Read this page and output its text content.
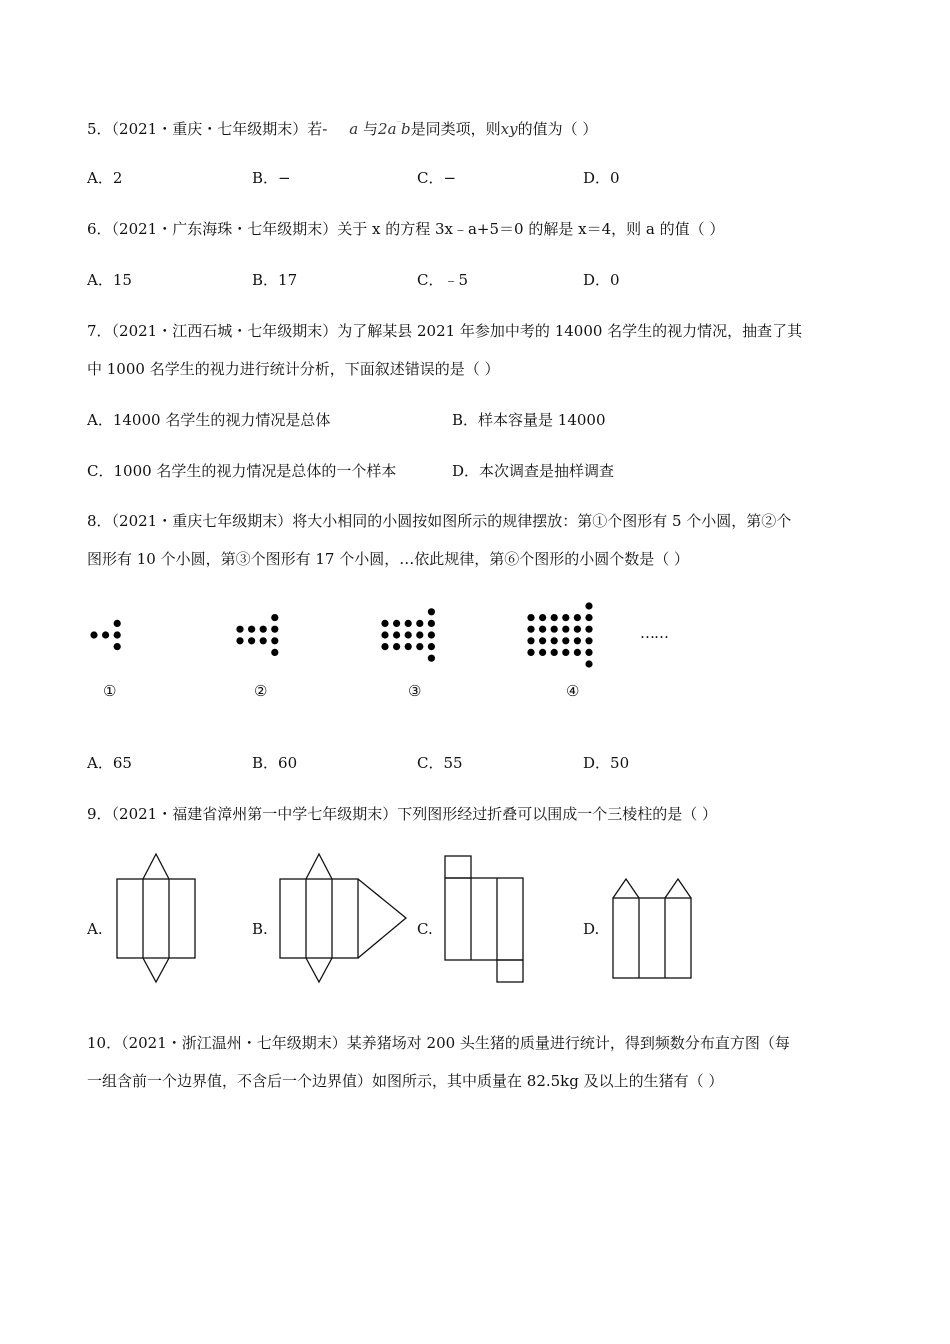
5．（2021・重庆・七年级期末）若- a 与2a‾b是同类项，则xy的值为（ ）
A．2	B．−	C．−	D．0
6．（2021・广东海珠・七年级期末）关于 x 的方程 3x﹣a+5＝0 的解是 x＝4，则 a 的值（ ）
A．15	B．17	C．﹣5	D．0
7．（2021・江西石城・七年级期末）为了解某县 2021 年参加中考的 14000 名学生的视力情况，抽查了其
中 1000 名学生的视力进行统计分析，下面叙述错误的是（ ）
A．14000 名学生的视力情况是总体	B．样本容量是 14000
C．1000 名学生的视力情况是总体的一个样本	D．本次调查是抽样调查
8．（2021・重庆七年级期末）将大小相同的小圆按如图所示的规律摆放：第①个图形有 5 个小圆，第②个
图形有 10 个小圆，第③个图形有 17 个小圆，…依此规律，第⑥个图形的小圆个数是（ ）
①	②	③	④
……
A．65	B．60	C．55	D．50
9．（2021・福建省漳州第一中学七年级期末）下列图形经过折叠可以围成一个三棱柱的是（ ）
A.	B.	C.	D.
10．（2021・浙江温州・七年级期末）某养猪场对 200 头生猪的质量进行统计，得到频数分布直方图（每
一组含前一个边界值，不含后一个边界值）如图所示，其中质量在 82.5kg 及以上的生猪有（ ）
